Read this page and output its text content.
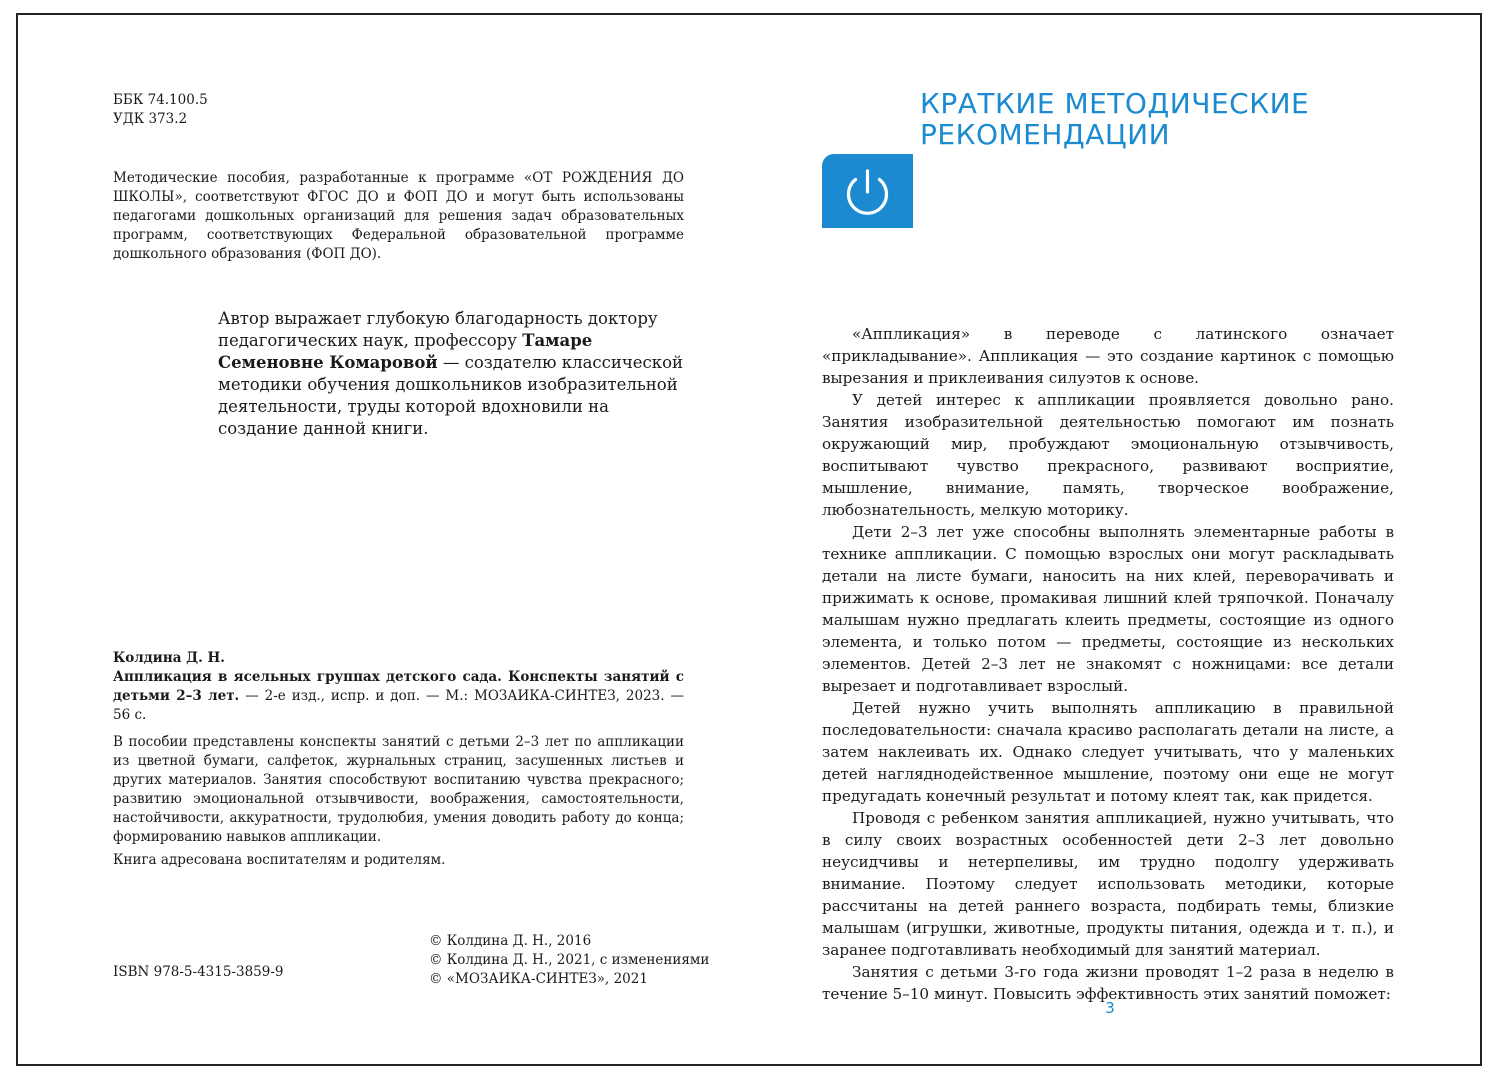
ББК 74.100.5
УДК 373.2

Методические пособия, разработанные к программе «ОТ РОЖДЕНИЯ ДО ШКОЛЫ», соответствуют ФГОС ДО и ФОП ДО и могут быть использованы педагогами дошкольных организаций для решения задач образовательных программ, соответствующих Федеральной образовательной программе дошкольного образования (ФОП ДО).

Автор выражает глубокую благодарность доктору педагогических наук, профессору Тамаре Семеновне Комаровой — создателю классической методики обучения дошкольников изобразительной деятельности, труды которой вдохновили на создание данной книги.

Колдина Д. Н.

Аппликация в ясельных группах детского сада. Конспекты занятий с детьми 2–3 лет. — 2-е изд., испр. и доп. — М.: МОЗАИКА-СИНТЕЗ, 2023. — 56 с.

В пособии представлены конспекты занятий с детьми 2–3 лет по аппликации из цветной бумаги, салфеток, журнальных страниц, засушенных листьев и других материалов. Занятия способствуют воспитанию чувства прекрасного; развитию эмоциональной отзывчивости, воображения, самостоятельности, настойчивости, аккуратности, трудолюбия, умения доводить работу до конца; формированию навыков аппликации.

Книга адресована воспитателям и родителям.

ISBN 978-5-4315-3859-9

© Колдина Д. Н., 2016
© Колдина Д. Н., 2021, с изменениями
© «МОЗАИКА-СИНТЕЗ», 2021
КРАТКИЕ МЕТОДИЧЕСКИЕ
РЕКОМЕНДАЦИИ

«Аппликация» в переводе с латинского означает «прикладывание». Аппликация — это создание картинок с помощью вырезания и приклеивания силуэтов к основе.

У детей интерес к аппликации проявляется довольно рано. Занятия изобразительной деятельностью помогают им познать окружающий мир, пробуждают эмоциональную отзывчивость, воспитывают чувство прекрасного, развивают восприятие, мышление, внимание, память, творческое воображение, любознательность, мелкую моторику.

Дети 2–3 лет уже способны выполнять элементарные работы в технике аппликации. С помощью взрослых они могут раскладывать детали на листе бумаги, наносить на них клей, переворачивать и прижимать к основе, промакивая лишний клей тряпочкой. Поначалу малышам нужно предлагать клеить предметы, состоящие из одного элемента, и только потом — предметы, состоящие из нескольких элементов. Детей 2–3 лет не знакомят с ножницами: все детали вырезает и подготавливает взрослый.

Детей нужно учить выполнять аппликацию в правильной последовательности: сначала красиво располагать детали на листе, а затем наклеивать их. Однако следует учитывать, что у маленьких детей нагляднодейственное мышление, поэтому они еще не могут предугадать конечный результат и потому клеят так, как придется.

Проводя с ребенком занятия аппликацией, нужно учитывать, что в силу своих возрастных особенностей дети 2–3 лет довольно неусидчивы и нетерпеливы, им трудно подолгу удерживать внимание. Поэтому следует использовать методики, которые рассчитаны на детей раннего возраста, подбирать темы, близкие малышам (игрушки, животные, продукты питания, одежда и т. п.), и заранее подготавливать необходимый для занятий материал.

Занятия с детьми 3-го года жизни проводят 1–2 раза в неделю в течение 5–10 минут. Повысить эффективность этих занятий поможет:

3
